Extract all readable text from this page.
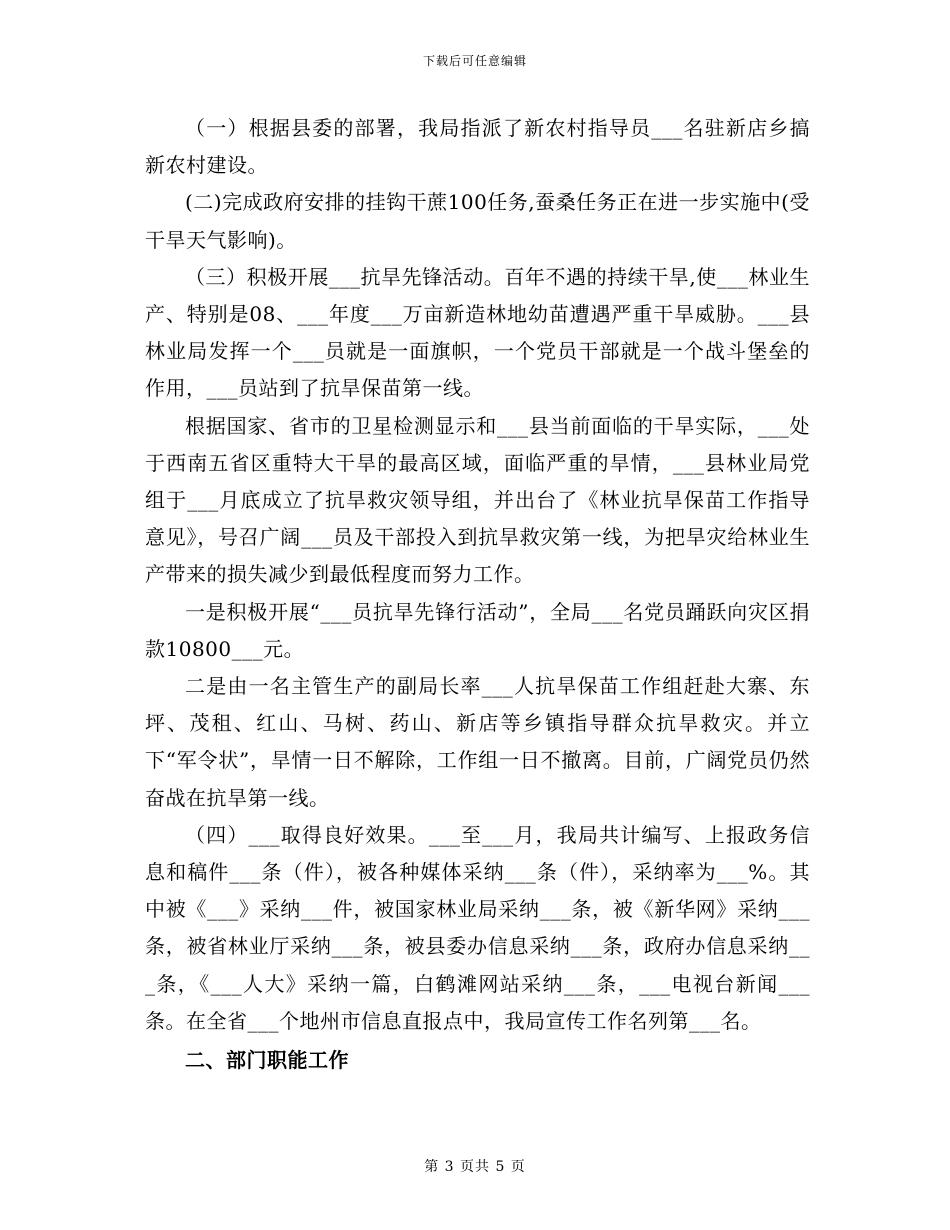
下载后可任意编辑

（一）根据县委的部署，我局指派了新农村指导员___名驻新店乡搞新农村建设。

(二)完成政府安排的挂钩干蔗100任务,蚕桑任务正在进一步实施中(受干旱天气影响)。

（三）积极开展___抗旱先锋活动。百年不遇的持续干旱,使___林业生产、特别是08、___年度___万亩新造林地幼苗遭遇严重干旱威胁。___县林业局发挥一个___员就是一面旗帜，一个党员干部就是一个战斗堡垒的作用，___员站到了抗旱保苗第一线。

根据国家、省市的卫星检测显示和___县当前面临的干旱实际，___处于西南五省区重特大干旱的最高区域，面临严重的旱情，___县林业局党组于___月底成立了抗旱救灾领导组，并出台了《林业抗旱保苗工作指导意见》，号召广阔___员及干部投入到抗旱救灾第一线，为把旱灾给林业生产带来的损失减少到最低程度而努力工作。

一是积极开展“___员抗旱先锋行活动”，全局___名党员踊跃向灾区捐款10800___元。

二是由一名主管生产的副局长率___人抗旱保苗工作组赶赴大寨、东坪、茂租、红山、马树、药山、新店等乡镇指导群众抗旱救灾。并立下“军令状”，旱情一日不解除，工作组一日不撤离。目前，广阔党员仍然奋战在抗旱第一线。

（四）___取得良好效果。___至___月，我局共计编写、上报政务信息和稿件___条（件），被各种媒体采纳___条（件），采纳率为___%。其中被《___》采纳___件，被国家林业局采纳___条，被《新华网》采纳___条，被省林业厅采纳___条，被县委办信息采纳___条，政府办信息采纳___条，《___人大》采纳一篇，白鹤滩网站采纳___条，___电视台新闻___条。在全省___个地州市信息直报点中，我局宣传工作名列第___名。

二、部门职能工作

第 3 页共 5 页
